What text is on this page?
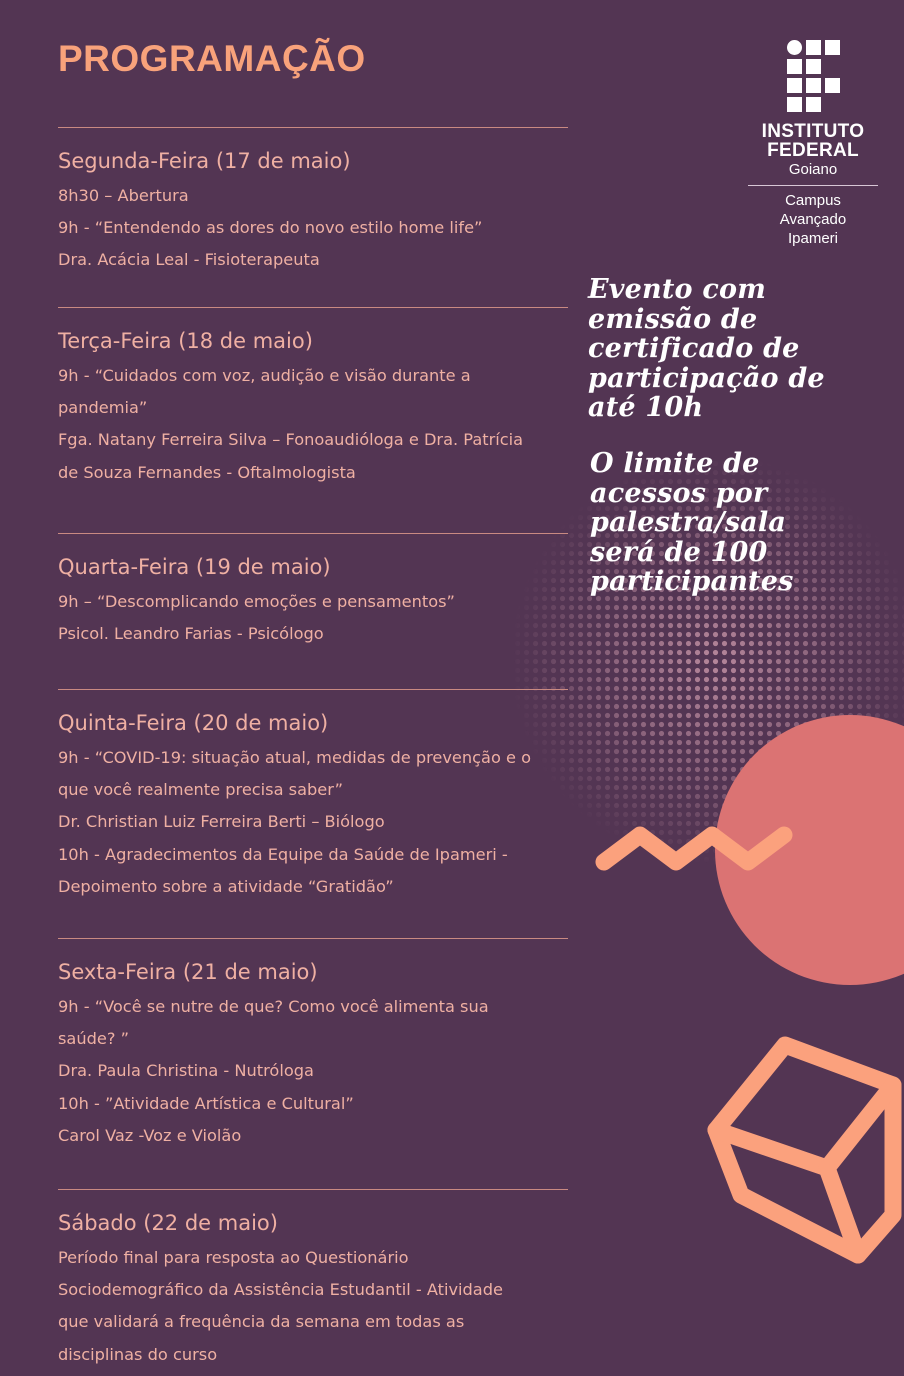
PROGRAMAÇÃO
Segunda-Feira (17 de maio)
8h30 – Abertura
9h - “Entendendo as dores do novo estilo home life”
Dra. Acácia Leal - Fisioterapeuta
Terça-Feira (18 de maio)
9h - “Cuidados com voz, audição e visão durante a
pandemia”
Fga. Natany Ferreira Silva – Fonoaudióloga e Dra. Patrícia
de Souza Fernandes - Oftalmologista
Quarta-Feira (19 de maio)
9h – “Descomplicando emoções e pensamentos”
Psicol. Leandro Farias - Psicólogo
Quinta-Feira (20 de maio)
9h - “COVID-19: situação atual, medidas de prevenção e o
que você realmente precisa saber”
Dr. Christian Luiz Ferreira Berti – Biólogo
10h - Agradecimentos da Equipe da Saúde de Ipameri -
Depoimento sobre a atividade “Gratidão”
Sexta-Feira (21 de maio)
9h - “Você se nutre de que? Como você alimenta sua
saúde? ”
Dra. Paula Christina - Nutróloga
10h - ”Atividade Artística e Cultural”
Carol Vaz -Voz e Violão
Sábado (22 de maio)
Período final para resposta ao Questionário
Sociodemográfico da Assistência Estudantil - Atividade
que validará a frequência da semana em todas as
disciplinas do curso
INSTITUTO
FEDERAL
Goiano
Campus
Avançado
Ipameri
Evento com
emissão de
certificado de
participação de
até 10h
O limite de
acessos por
palestra/sala
será de 100
participantes
